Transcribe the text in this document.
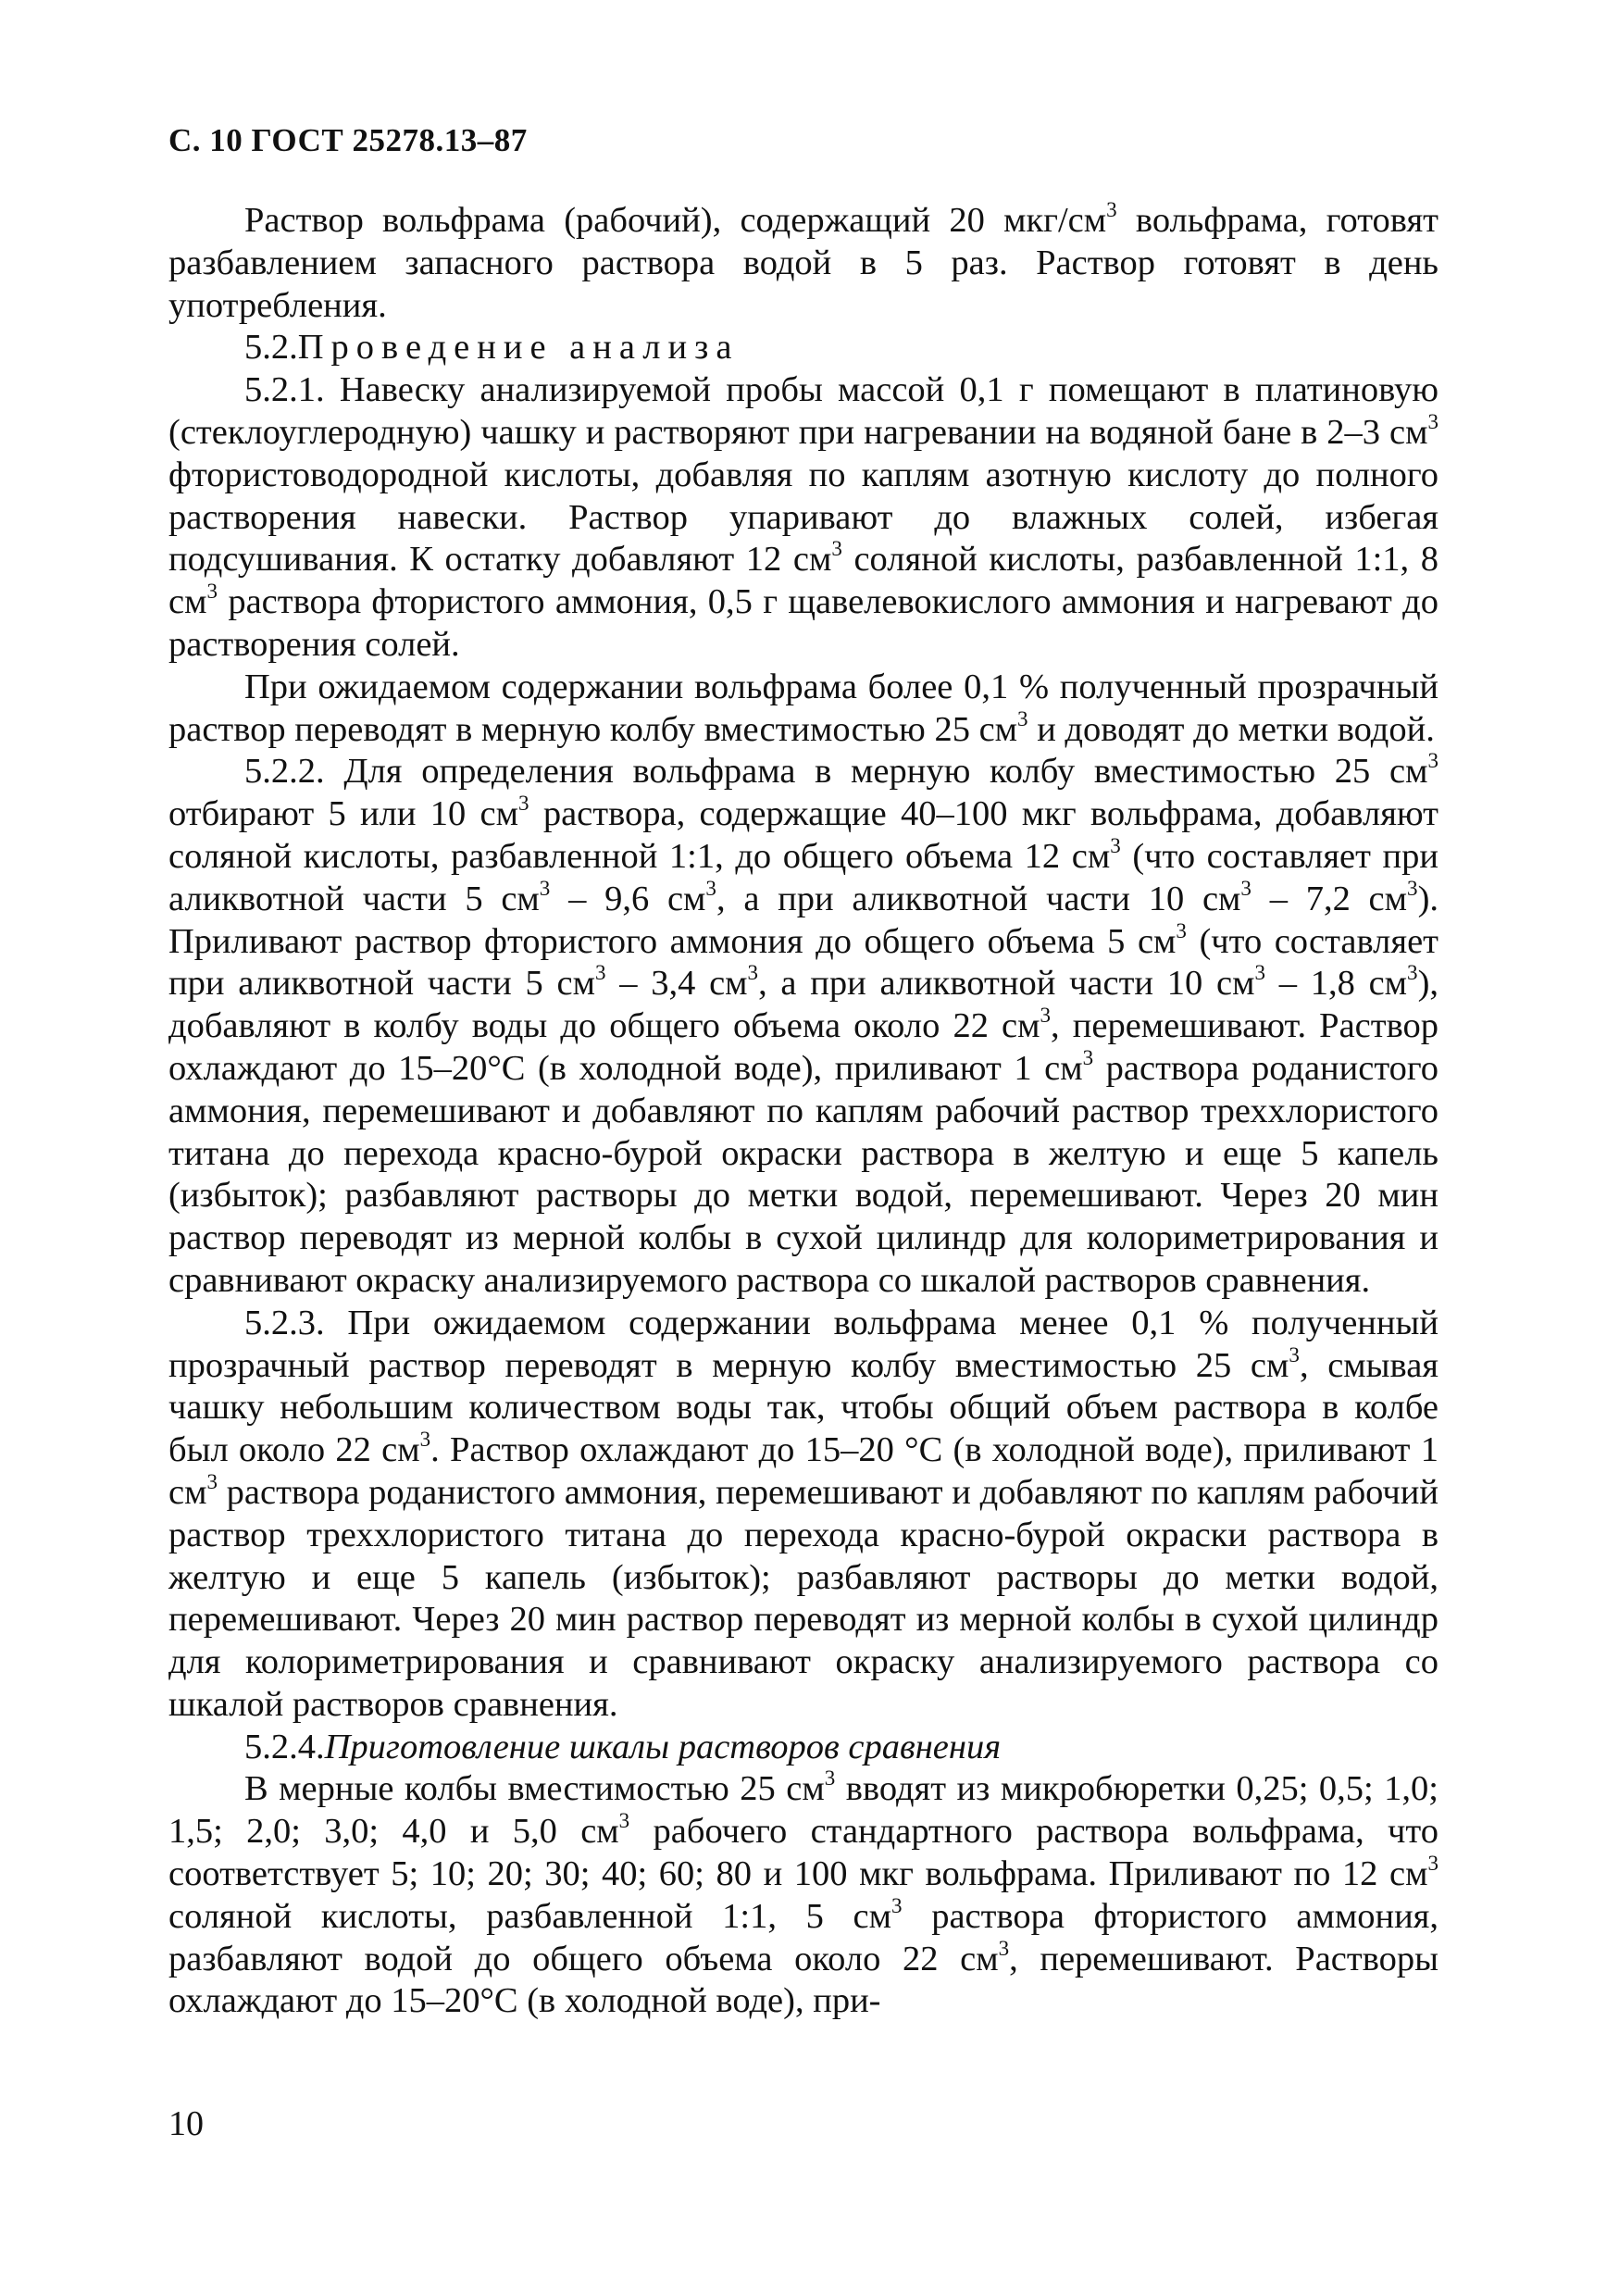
С. 10 ГОСТ 25278.13–87

Раствор вольфрама (рабочий), содержащий 20 мкг/$см^3$ вольфрама, готовят разбавлением запасного раствора водой в 5 раз. Раствор готовят в день употребления.

5.2.Проведение анализа

5.2.1. Навеску анализируемой пробы массой 0,1 г помещают в платиновую (стеклоуглеродную) чашку и растворяют при нагревании на водяной бане в 2–3 $см^3$ фтористоводородной кислоты, добавляя по каплям азотную кислоту до полного растворения навески. Раствор упаривают до влажных солей, избегая подсушивания. К остатку добавляют 12 $см^3$ соляной кислоты, разбавленной 1:1, 8 $см^3$ раствора фтористого аммония, 0,5 г щавелевокислого аммония и нагревают до растворения солей.

При ожидаемом содержании вольфрама более 0,1 % полученный прозрачный раствор переводят в мерную колбу вместимостью 25 $см^3$ и доводят до метки водой.

5.2.2. Для определения вольфрама в мерную колбу вместимостью 25 $см^3$ отбирают 5 или 10 $см^3$ раствора, содержащие 40–100 мкг вольфрама, добавляют соляной кислоты, разбавленной 1:1, до общего объема 12 $см^3$ (что составляет при аликвотной части 5 $см^3 - 9,6$ $см^3$, а при аликвотной части 10 $см^3 - 7,2$ $см^3$). Приливают раствор фтористого аммония до общего объема 5 $см^3$ (что составляет при аликвотной части 5 $см^3 - 3,4$ $см^3$, а при аликвотной части 10 $см^3 - 1,8$ $см^3$), добавляют в колбу воды до общего объема около 22 $см^3$, перемешивают. Раствор охлаждают до 15–20°С (в холодной воде), приливают 1 $см^3$ раствора роданистого аммония, перемешивают и добавляют по каплям рабочий раствор треххлористого титана до перехода красно-бурой окраски раствора в желтую и еще 5 капель (избыток); разбавляют растворы до метки водой, перемешивают. Через 20 мин раствор переводят из мерной колбы в сухой цилиндр для колориметрирования и сравнивают окраску анализируемого раствора со шкалой растворов сравнения.

5.2.3. При ожидаемом содержании вольфрама менее 0,1 % полученный прозрачный раствор переводят в мерную колбу вместимостью 25 $см^3$, смывая чашку небольшим количеством воды так, чтобы общий объем раствора в колбе был около 22 $см^3$. Раствор охлаждают до 15–20 °С (в холодной воде), приливают 1 $см^3$ раствора роданистого аммония, перемешивают и добавляют по каплям рабочий раствор треххлористого титана до перехода красно-бурой окраски раствора в желтую и еще 5 капель (избыток); разбавляют растворы до метки водой, перемешивают. Через 20 мин раствор переводят из мерной колбы в сухой цилиндр для колориметрирования и сравнивают окраску анализируемого раствора со шкалой растворов сравнения.

5.2.4.Приготовление шкалы растворов сравнения

В мерные колбы вместимостью 25 $см^3$ вводят из микробюретки 0,25; 0,5; 1,0; 1,5; 2,0; 3,0; 4,0 и 5,0 $см^3$ рабочего стандартного раствора вольфрама, что соответствует 5; 10; 20; 30; 40; 60; 80 и 100 мкг вольфрама. Приливают по 12 $см^3$ соляной кислоты, разбавленной 1:1, 5 $см^3$ раствора фтористого аммония, разбавляют водой до общего объема около 22 $см^3$, перемешивают. Растворы охлаждают до 15–20°С (в холодной воде), при-

10
